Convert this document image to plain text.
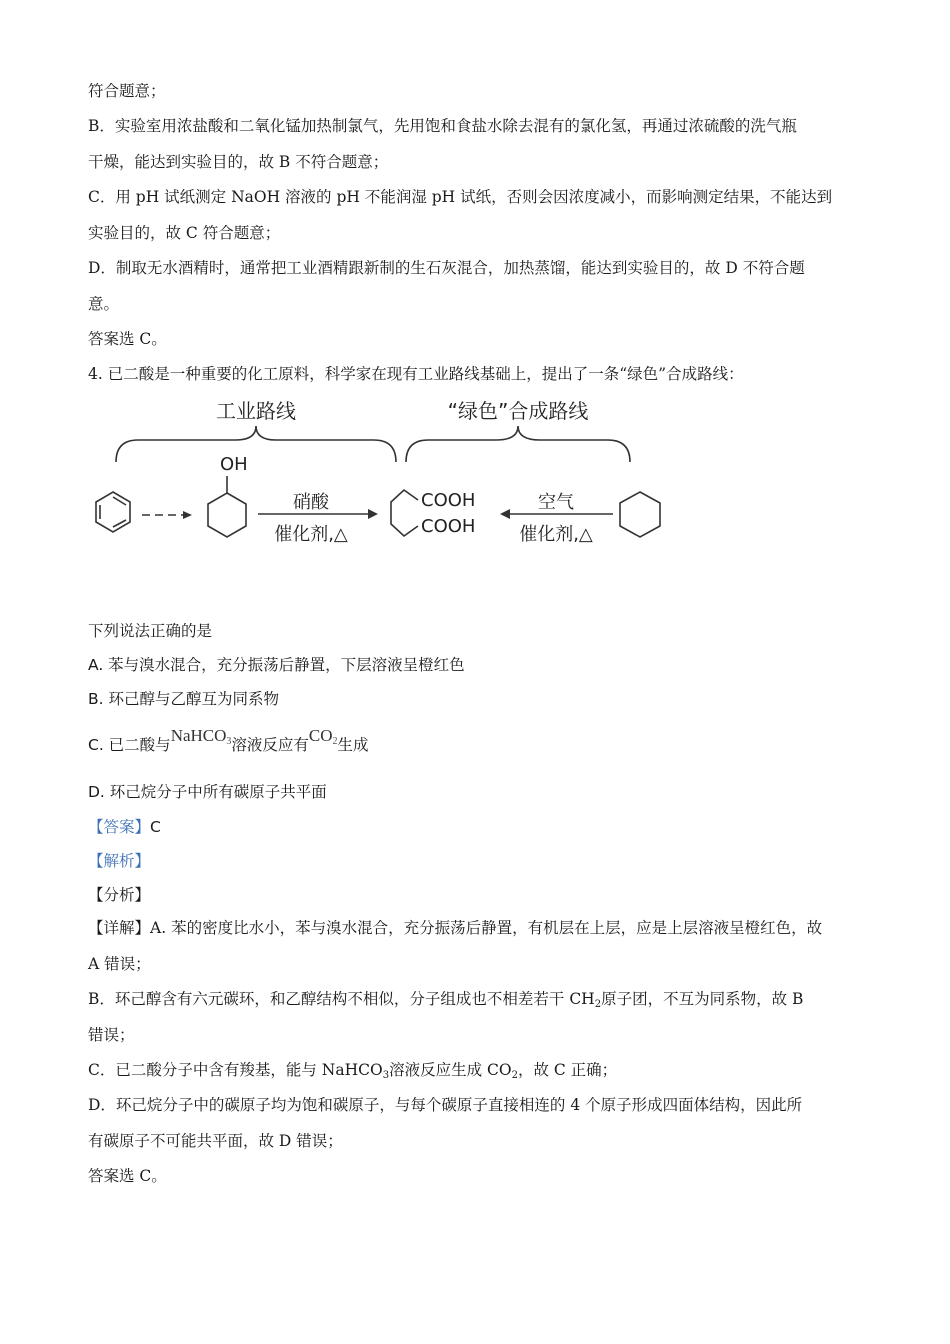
符合题意；
B．实验室用浓盐酸和二氧化锰加热制氯气，先用饱和食盐水除去混有的氯化氢，再通过浓硫酸的洗气瓶
干燥，能达到实验目的，故 B 不符合题意；
C．用 pH 试纸测定 NaOH 溶液的 pH 不能润湿 pH 试纸，否则会因浓度减小，而影响测定结果，不能达到
实验目的，故 C 符合题意；
D．制取无水酒精时，通常把工业酒精跟新制的生石灰混合，加热蒸馏，能达到实验目的，故 D 不符合题
意。
答案选 C。
4. 已二酸是一种重要的化工原料，科学家在现有工业路线基础上，提出了一条“绿色”合成路线：
工业路线	“绿色”合成路线
OH
硝酸
催化剂,△
COOH
COOH
空气
催化剂,△
下列说法正确的是
A. 苯与溴水混合，充分振荡后静置，下层溶液呈橙红色
B. 环己醇与乙醇互为同系物
C. 已二酸与NaHCO$_3$溶液反应有$CO_2$生成
D. 环己烷分子中所有碳原子共平面
【答案】C
【解析】
【分析】
【详解】A. 苯的密度比水小，苯与溴水混合，充分振荡后静置，有机层在上层，应是上层溶液呈橙红色，故
A 错误；
B．环己醇含有六元碳环，和乙醇结构不相似，分子组成也不相差若干 $CH_2$原子团，不互为同系物，故 B
错误；
C．已二酸分子中含有羧基，能与 NaHCO$_3$溶液反应生成 $CO_2$，故 C 正确；
D．环己烷分子中的碳原子均为饱和碳原子，与每个碳原子直接相连的 4 个原子形成四面体结构，因此所
有碳原子不可能共平面，故 D 错误；
答案选 C。
